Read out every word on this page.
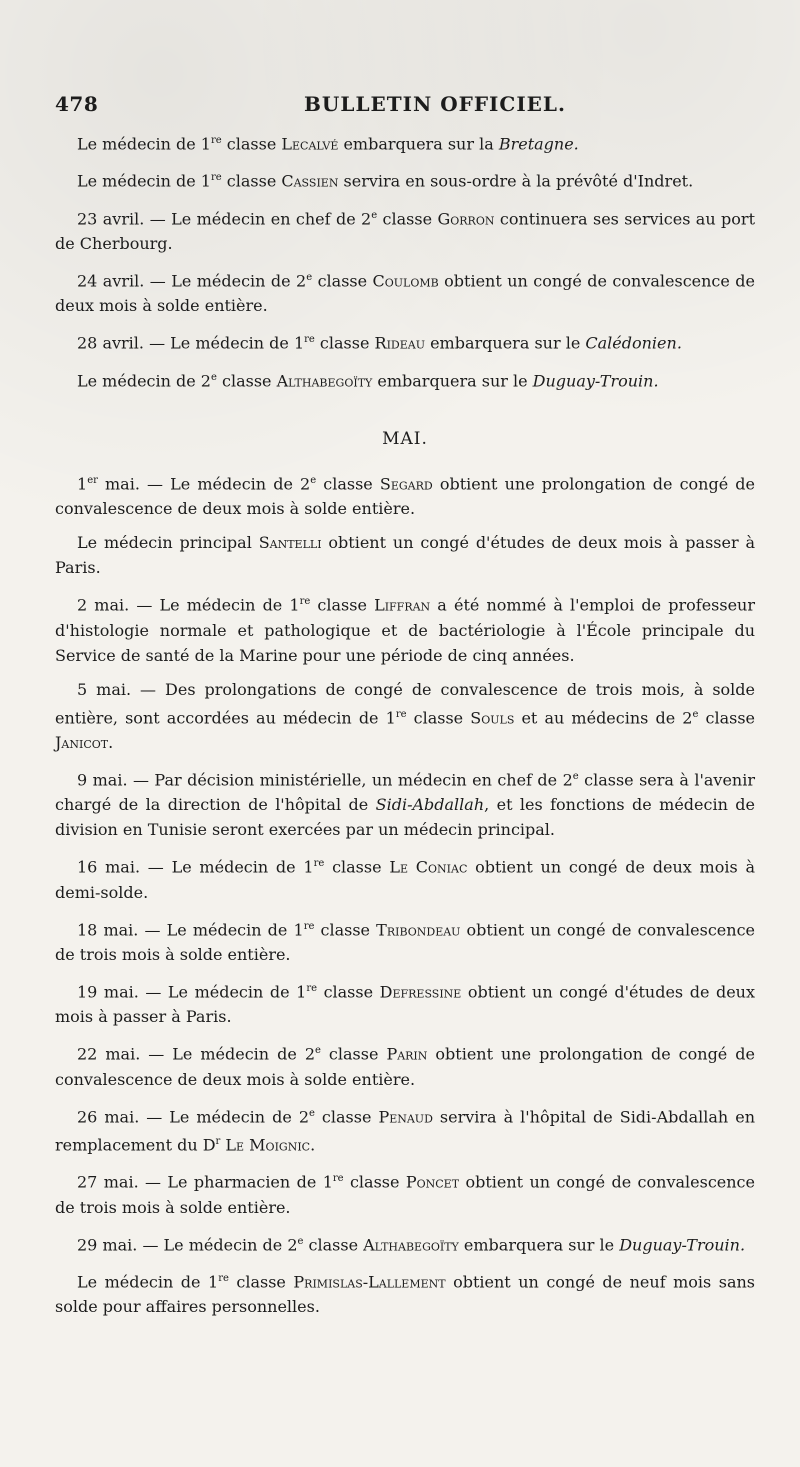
478	BULLETIN OFFICIEL.

Le médecin de 1re classe Lecalvé embarquera sur la Bretagne.

Le médecin de 1re classe Cassien servira en sous-ordre à la prévôté d'Indret.

23 avril. — Le médecin en chef de 2e classe Gorron continuera ses services au port de Cherbourg.

24 avril. — Le médecin de 2e classe Coulomb obtient un congé de convalescence de deux mois à solde entière.

28 avril. — Le médecin de 1re classe Rideau embarquera sur le Calédonien.

Le médecin de 2e classe Althabegoïty embarquera sur le Duguay-Trouin.

MAI.

1er mai. — Le médecin de 2e classe Segard obtient une prolongation de congé de convalescence de deux mois à solde entière.

Le médecin principal Santelli obtient un congé d'études de deux mois à passer à Paris.

2 mai. — Le médecin de 1re classe Liffran a été nommé à l'emploi de professeur d'histologie normale et pathologique et de bactériologie à l'École principale du Service de santé de la Marine pour une période de cinq années.

5 mai. — Des prolongations de congé de convalescence de trois mois, à solde entière, sont accordées au médecin de 1re classe Souls et au médecins de 2e classe Janicot.

9 mai. — Par décision ministérielle, un médecin en chef de 2e classe sera à l'avenir chargé de la direction de l'hôpital de Sidi-Abdallah, et les fonctions de médecin de division en Tunisie seront exercées par un médecin principal.

16 mai. — Le médecin de 1re classe Le Coniac obtient un congé de deux mois à demi-solde.

18 mai. — Le médecin de 1re classe Tribondeau obtient un congé de convalescence de trois mois à solde entière.

19 mai. — Le médecin de 1re classe Defressine obtient un congé d'études de deux mois à passer à Paris.

22 mai. — Le médecin de 2e classe Parin obtient une prolongation de congé de convalescence de deux mois à solde entière.

26 mai. — Le médecin de 2e classe Penaud servira à l'hôpital de Sidi-Abdallah en remplacement du $D^r$ Le Moignic.

27 mai. — Le pharmacien de 1re classe Poncet obtient un congé de convalescence de trois mois à solde entière.

29 mai. — Le médecin de 2e classe Althabegoïty embarquera sur le Duguay-Trouin.

Le médecin de 1re classe Primislas-Lallement obtient un congé de neuf mois sans solde pour affaires personnelles.
